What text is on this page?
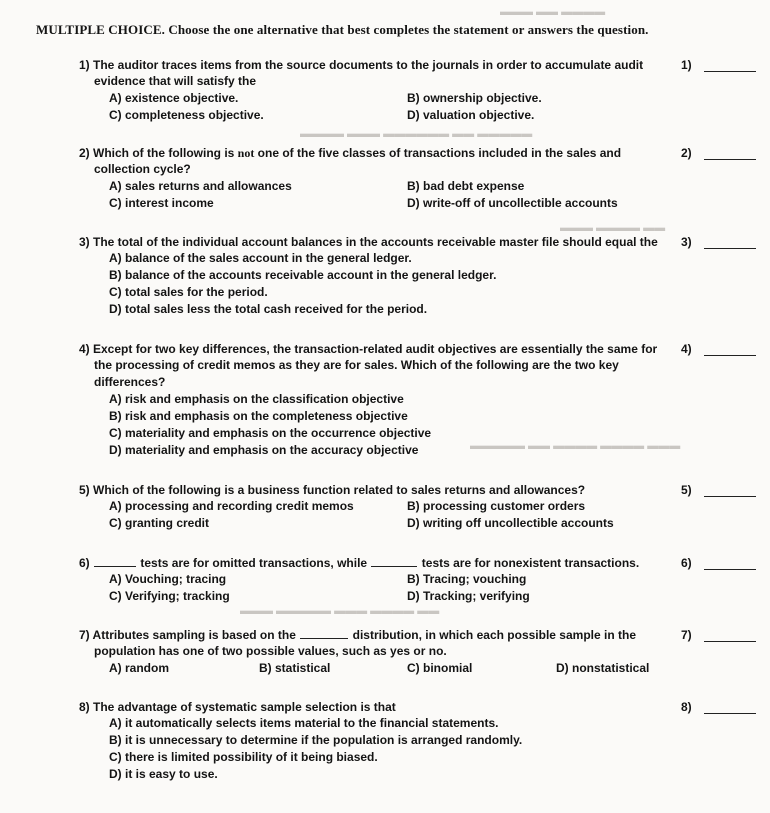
▬▬▬ ▬▬ ▬▬▬▬
▬▬▬▬ ▬▬▬ ▬▬▬▬▬▬ ▬▬ ▬▬▬▬▬
▬▬▬ ▬▬▬▬ ▬▬
▬▬▬▬▬ ▬▬ ▬▬▬▬ ▬▬▬▬ ▬▬▬
▬▬▬ ▬▬▬▬▬ ▬▬▬ ▬▬▬▬ ▬▬
MULTIPLE CHOICE. Choose the one alternative that best completes the statement or answers the question.
1) The auditor traces items from the source documents to the journals in order to accumulate audit
evidence that will satisfy the
A) existence objective.	B) ownership objective.
C) completeness objective.	D) valuation objective.
1)
2) Which of the following is not one of the five classes of transactions included in the sales and
collection cycle?
A) sales returns and allowances	B) bad debt expense
C) interest income	D) write-off of uncollectible accounts
2)
3) The total of the individual account balances in the accounts receivable master file should equal the
A) balance of the sales account in the general ledger.
B) balance of the accounts receivable account in the general ledger.
C) total sales for the period.
D) total sales less the total cash received for the period.
3)
4) Except for two key differences, the transaction-related audit objectives are essentially the same for
the processing of credit memos as they are for sales. Which of the following are the two key
differences?
A) risk and emphasis on the classification objective
B) risk and emphasis on the completeness objective
C) materiality and emphasis on the occurrence objective
D) materiality and emphasis on the accuracy objective
4)
5) Which of the following is a business function related to sales returns and allowances?
A) processing and recording credit memos	B) processing customer orders
C) granting credit	D) writing off uncollectible accounts
5)
6)	tests are for omitted transactions, while	tests are for nonexistent transactions.
A) Vouching; tracing	B) Tracing; vouching
C) Verifying; tracking	D) Tracking; verifying
6)
7) Attributes sampling is based on the	distribution, in which each possible sample in the
population has one of two possible values, such as yes or no.
A) random	B) statistical	C) binomial	D) nonstatistical
7)
8) The advantage of systematic sample selection is that
A) it automatically selects items material to the financial statements.
B) it is unnecessary to determine if the population is arranged randomly.
C) there is limited possibility of it being biased.
D) it is easy to use.
8)
